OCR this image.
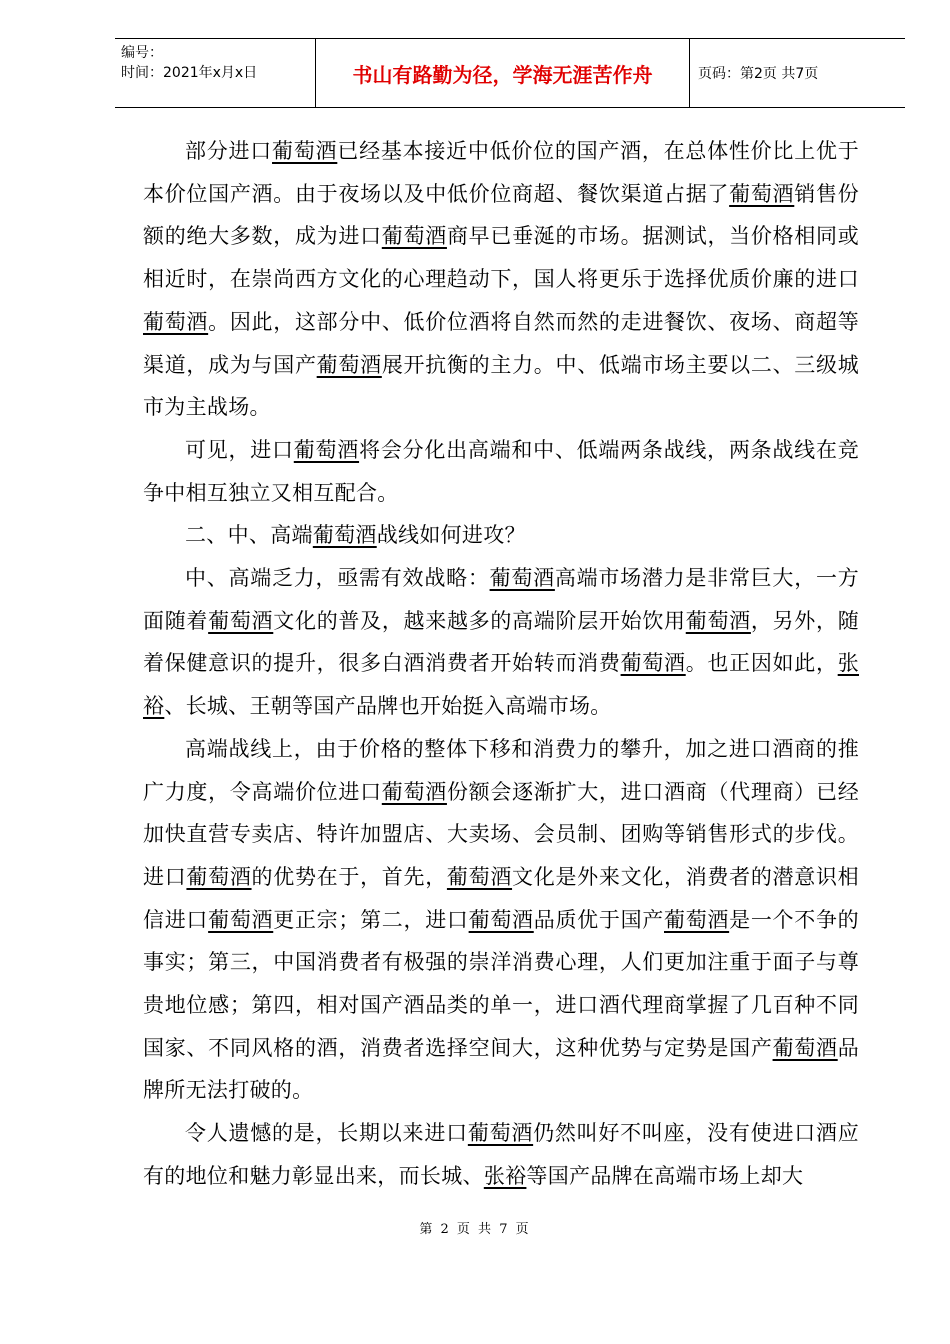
编号：
时间：2021年x月x日	书山有路勤为径，学海无涯苦作舟	页码：第2页 共7页

部分进口葡萄酒已经基本接近中低价位的国产酒，在总体性价比上优于本价位国产酒。由于夜场以及中低价位商超、餐饮渠道占据了葡萄酒销售份额的绝大多数，成为进口葡萄酒商早已垂涎的市场。据测试，当价格相同或相近时，在崇尚西方文化的心理趋动下，国人将更乐于选择优质价廉的进口葡萄酒。因此，这部分中、低价位酒将自然而然的走进餐饮、夜场、商超等渠道，成为与国产葡萄酒展开抗衡的主力。中、低端市场主要以二、三级城市为主战场。

可见，进口葡萄酒将会分化出高端和中、低端两条战线，两条战线在竞争中相互独立又相互配合。

二、中、高端葡萄酒战线如何进攻？

中、高端乏力，亟需有效战略：葡萄酒高端市场潜力是非常巨大，一方面随着葡萄酒文化的普及，越来越多的高端阶层开始饮用葡萄酒，另外，随着保健意识的提升，很多白酒消费者开始转而消费葡萄酒。也正因如此，张裕、长城、王朝等国产品牌也开始挺入高端市场。

高端战线上，由于价格的整体下移和消费力的攀升，加之进口酒商的推广力度，令高端价位进口葡萄酒份额会逐渐扩大，进口酒商（代理商）已经加快直营专卖店、特许加盟店、大卖场、会员制、团购等销售形式的步伐。进口葡萄酒的优势在于，首先，葡萄酒文化是外来文化，消费者的潜意识相信进口葡萄酒更正宗；第二，进口葡萄酒品质优于国产葡萄酒是一个不争的事实；第三，中国消费者有极强的崇洋消费心理，人们更加注重于面子与尊贵地位感；第四，相对国产酒品类的单一，进口酒代理商掌握了几百种不同国家、不同风格的酒，消费者选择空间大，这种优势与定势是国产葡萄酒品牌所无法打破的。

令人遗憾的是，长期以来进口葡萄酒仍然叫好不叫座，没有使进口酒应有的地位和魅力彰显出来，而长城、张裕等国产品牌在高端市场上却大

第 2 页 共 7 页
